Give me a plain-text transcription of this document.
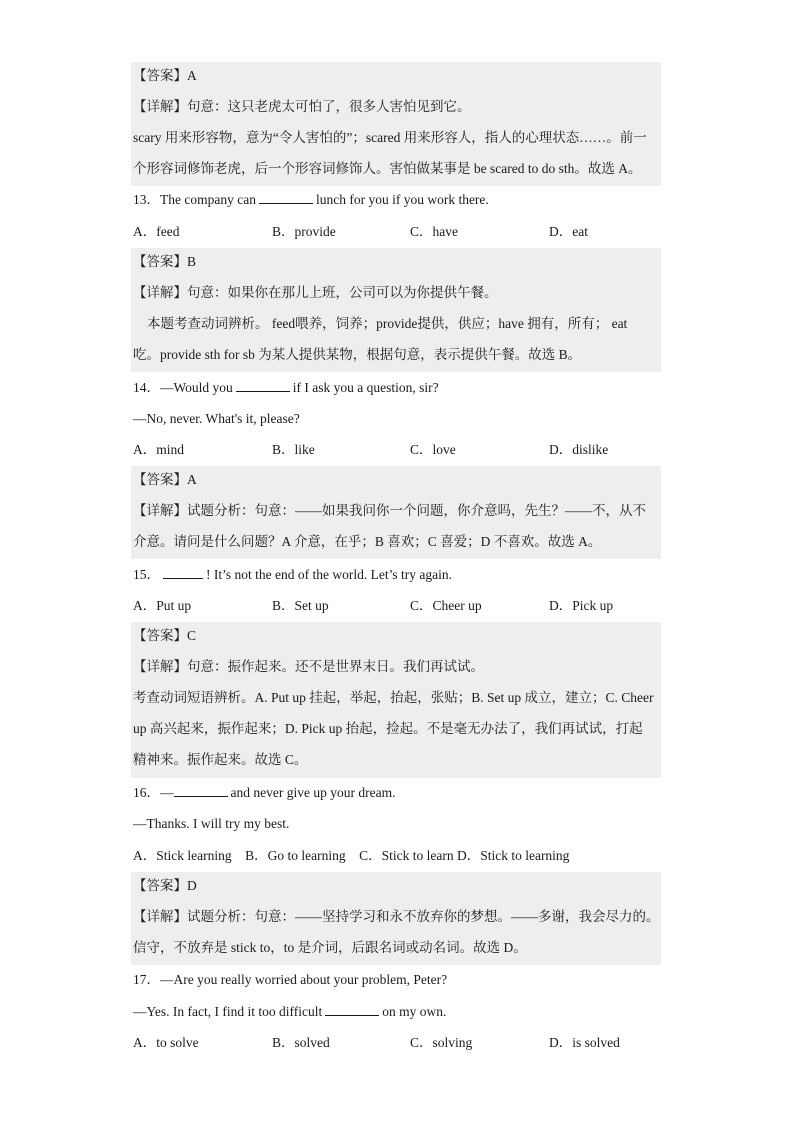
【答案】A
【详解】句意：这只老虎太可怕了，很多人害怕见到它。
scary 用来形容物，意为“令人害怕的”；scared 用来形容人，指人的心理状态……。前一
个形容词修饰老虎，后一个形容词修饰人。害怕做某事是 be scared to do sth。故选 A。
13．The company can	lunch for you if you work there.
A．feed	B．provide	C．have	D．eat
【答案】B
【详解】句意：如果你在那儿上班，公司可以为你提供午餐。
本题考查动词辨析。 feed喂养，饲养；provide提供，供应；have 拥有，所有； eat
吃。provide sth for sb 为某人提供某物，根据句意，表示提供午餐。故选 B。
14．—Would you	if I ask you a question, sir?
—No, never. What's it, please?
A．mind	B．like	C．love	D．dislike
【答案】A
【详解】试题分析：句意：——如果我问你一个问题，你介意吗，先生？——不，从不
介意。请问是什么问题？A 介意，在乎；B 喜欢；C 喜爱；D 不喜欢。故选 A。
15．	! It’s not the end of the world. Let’s try again.
A．Put up	B．Set up	C．Cheer up	D．Pick up
【答案】C
【详解】句意：振作起来。还不是世界末日。我们再试试。
考查动词短语辨析。A. Put up 挂起，举起，抬起，张贴；B. Set up 成立，建立；C. Cheer
up 高兴起来，振作起来；D. Pick up 抬起，捡起。不是毫无办法了，我们再试试，打起
精神来。振作起来。故选 C。
16．—	and never give up your dream.
—Thanks. I will try my best.
A．Stick learning    B．Go to learning    C．Stick to learn D．Stick to learning
【答案】D
【详解】试题分析：句意：——坚持学习和永不放弃你的梦想。——多谢，我会尽力的。
信守，不放弃是 stick to，to 是介词，后跟名词或动名词。故选 D。
17．—Are you really worried about your problem, Peter?
—Yes. In fact, I find it too difficult	on my own.
A．to solve	B．solved	C．solving	D．is solved
